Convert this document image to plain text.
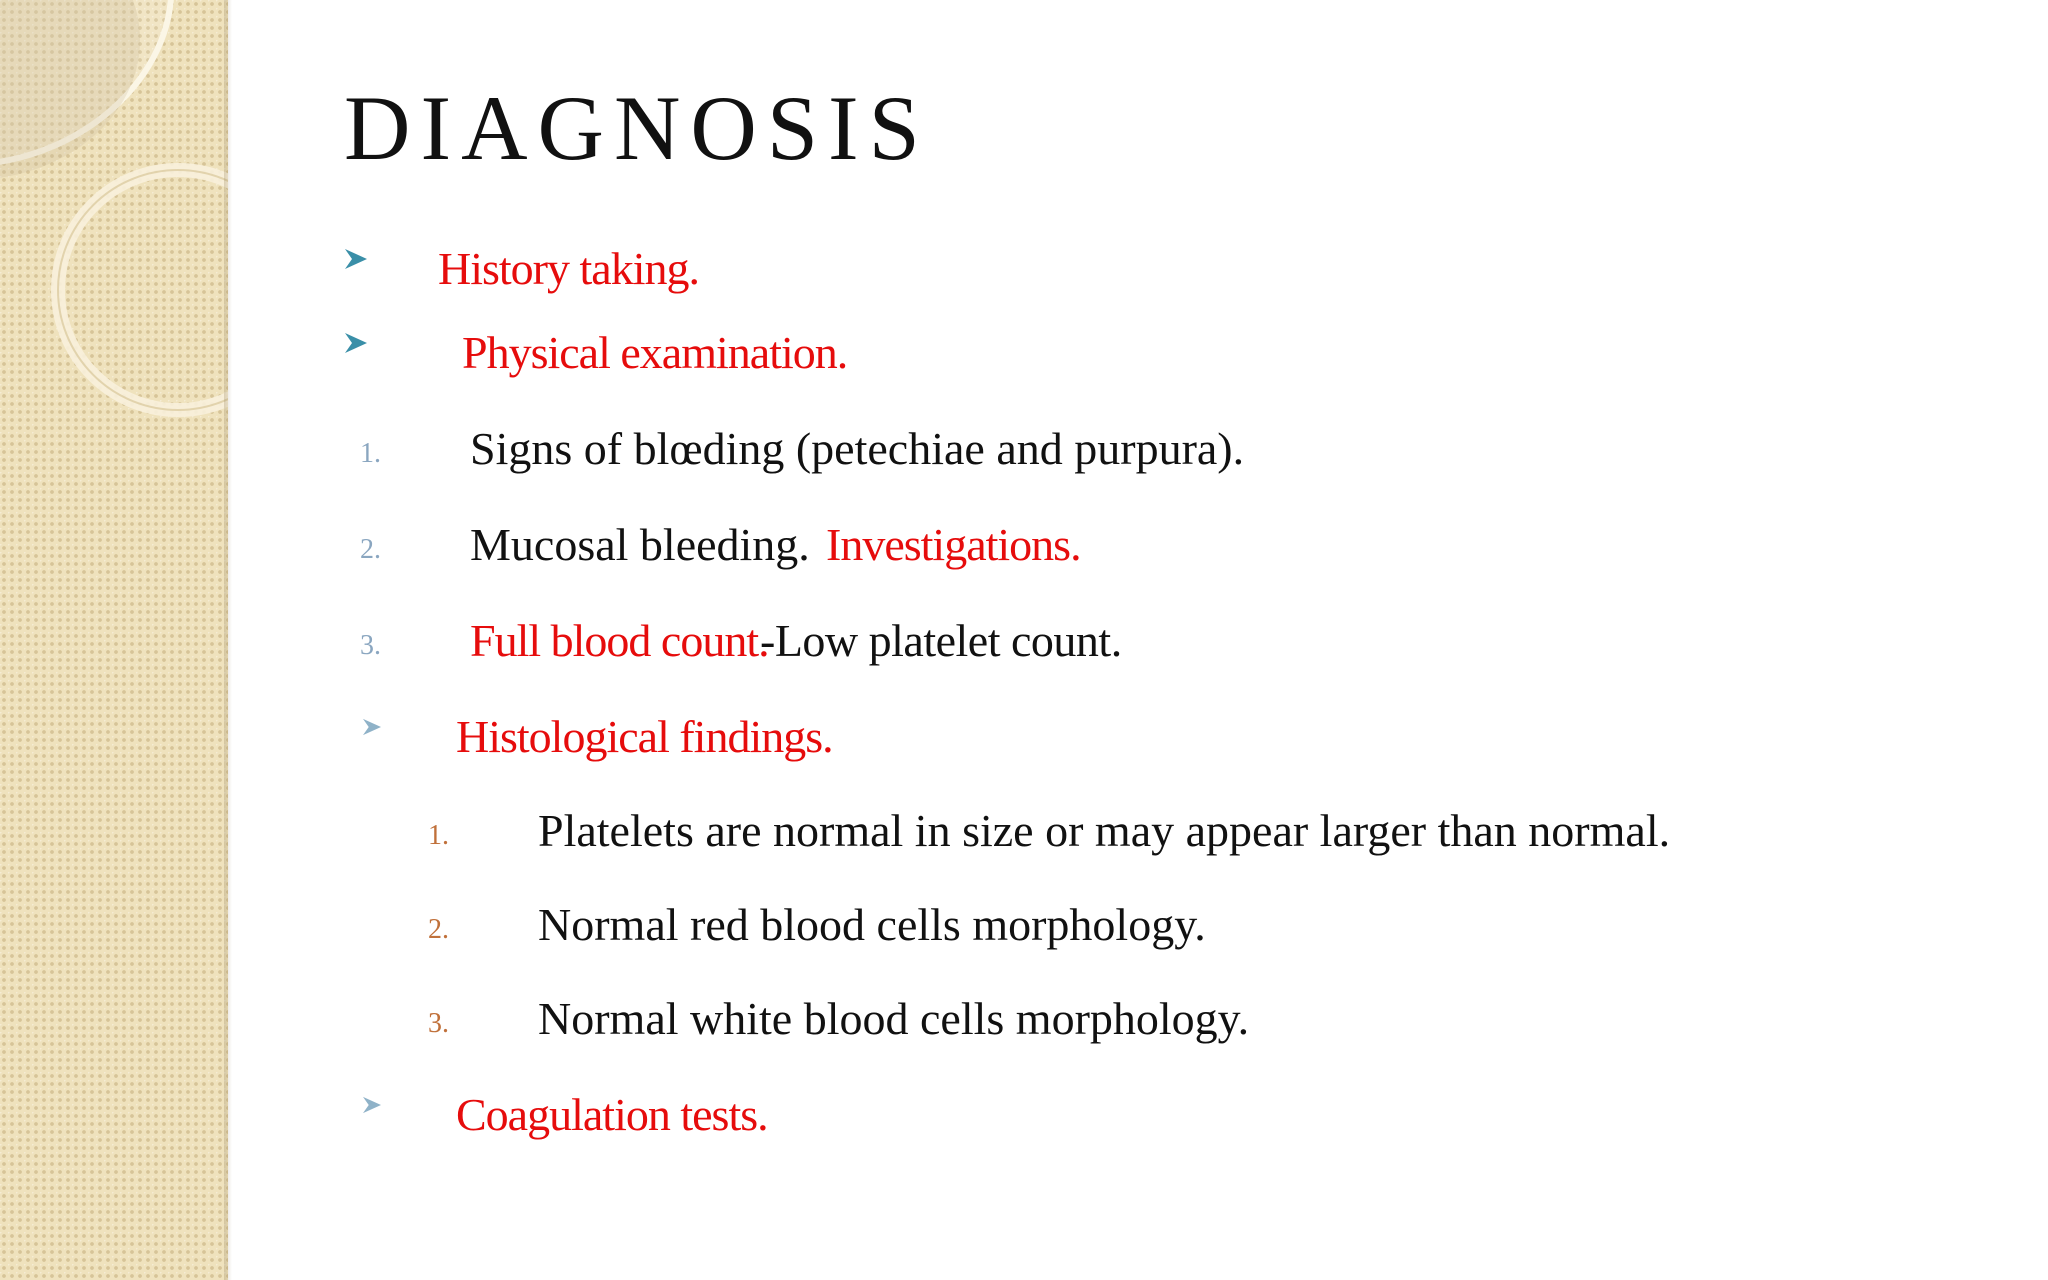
DIAGNOSIS
History taking.
Physical examination.
1. Signs of blœding (petechiae and purpura).
2. Mucosal bleeding. Investigations.
3. Full blood count.
-Low platelet count.
Histological findings.
1. Platelets are normal in size or may appear larger than normal.
2. Normal red blood cells morphology.
3. Normal white blood cells morphology.
Coagulation tests.
